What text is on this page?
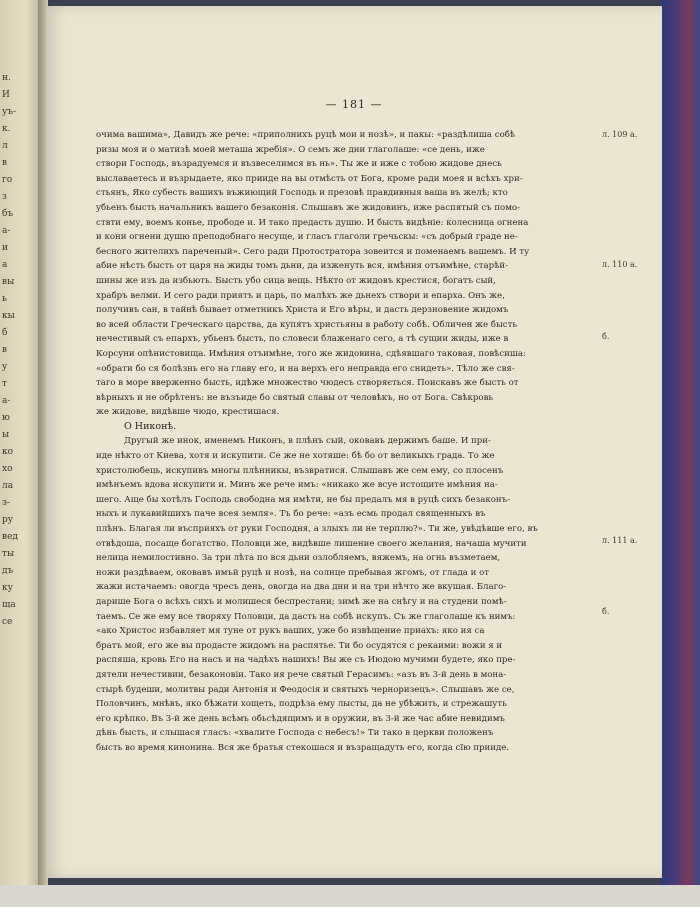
н.
И
уъ-
к.
л
в
го
з
бъ
а-
и
а
вы
ь
кы
б
в
у
т
а-
ю
ы
ко
хо
ла
з-
ру
вед
ты
дъ
ку
ща
се
— 181 —
очима вашима», Давидъ же рече: «приполнихъ руцѣ мои и нозѣ», и пакы: «раздѣлиша собѣ
ризы моя и о матизѣ моей меташа жребія». О семъ же дни глаголаше: «се день, иже
створи Господь, възрадуемся и възвеселимся въ нь». Ты же и иже с тобою жидове днесь
выславаетесь и възрыдаете, яко прииде на вы отмѣсть от Бога, кроме ради моея и всѣхъ хри-
стьянъ, Яко субесть вашихъ въжиющий Господь и презовѣ правдивныя ваша въ желѣ; кто
убьенъ бысть начальникъ вашего безаконія. Слышавъ же жидовинъ, иже распятый съ помо-
ствти ему, воемъ конье, прободе и. И тако предасть душю. И бысть видѣніе: колесница огнена
и кони огнени душю преподобнаго несуще, и гласъ глаголи гречьскы: «съ добрый граде не-
бесного жителихъ пареченый». Сего ради Протостратора зовеится и поменаемъ вашемъ. И ту
абие нѣсть бысть от царя на жиды томъ дьни, да изженуть вся, имѣния отъимѣне, старѣй-
шины же изъ да избьють. Бысть убо сица вещь. Нѣкто от жидовъ крестися, богатъ сый,
храбръ велми. И сего ради приятъ и царь, по малѣхъ же дьнехъ створи и епарха. Онъ же,
получивъ сан, в тайнѣ бывает отметникъ Христа и Его вѣры, и дасть дерзновение жидомъ
во всей области Греческаго царства, да купятъ христьяны в работу собѣ. Обличен же бысть
нечестивый съ епархъ, убьенъ бысть, по словеси блаженаго сего, а тѣ сущии жиды, иже в
Корсуни опѣнистовища. Имѣния отъимѣне, того же жидовина, сдѣявшаго таковая, повѣсиша:
«обрати бо ся болѣзнь его на главу его, и на верхъ его неправда его снидеть». Тѣло же свя-
таго в море вверженно бысть, идѣже множество чюдесъ створяється. Поискавъ же бысть от
вѣрныхъ и не обрѣтенъ: не възъиде бо святый славы от человѣкъ, но от Бога. Свѣкровь
же жидове, видѣвше чюдо, крестишася.
О Никонѣ.
Другый же инок, именемъ Никонъ, в плѣнъ сый, оковавъ держимъ баше. И при-
иде нѣкто от Киева, хотя и искупити. Се же не хотяше: бѣ бо от великыхъ града. То же
христолюбець, искупивъ многы плѣнникы, възвратися. Слышавъ же сем ему, со плосенъ
имѣнъемъ вдова искупити и. Минъ же рече имъ: «никако же всуе истощите имѣния на-
шего. Аще бы хотѣлъ Господь свободна мя имѣти, не бы предалъ мя в руцѣ сихъ безаконъ-
ныхъ и лукавийшихъ паче всея земля». Тъ бо рече: «азъ есмь продал священныхъ въ
плѣнъ. Благая ли въсприяхъ от руки Господня, а злыхъ ли не терплю?». Ти же, увѣдѣвше его, въ
отвѣдоша, посаще богатство. Половци же, видѣвше лишение своего желания, начаша мучити
нелица немилостивно. За три лѣта по вся дьни озлобляемъ, вяжемъ, на огнь възметаем,
ножи раздѣваем, оковавъ имъй руцѣ и нозѣ, на солнце пребывая жгомъ, от глада и от
жажи истачаемъ: овогда чресъ день, овогда на два дни и на три нѣчто же вкушая. Благо-
дарише Бога о всѣхъ сихъ и молишеся беспрестани; зимѣ же на снѣгу и на студени помѣ-
таемъ. Се же ему все творяху Половци, да дасть на собѣ искупъ. Съ же глаголаше къ нимъ:
«ако Христос избавляет мя туне от рукъ ваших, уже бо извѣщение приахъ: яко ия са
братъ мой, его же вы продасте жидомъ на распятье. Ти бо осудятся с рекаими: вожи я и
распяша, кровь Его на насъ и на чадѣхъ нашихъ! Вы же съ Июдою мучими будете, яко пре-
дятели нечестивии, безаконовіи. Тако ия рече святый Герасимъ: «азъ въ 3-й день в мона-
стырѣ будеши, молитвы ради Антонія и Феодосія и святыхъ черноризецъ». Слышавъ же се,
Половчинъ, мнѣвъ, яко бѣжати хощеть, подрѣза ему лысты, да не убѣжить, и стрежашуть
его крѣпко. Въ 3-й же день всѣмъ обьсѣдящимъ и в оружии, въ 3-й же час абие невидимъ
дѣнь бысть, и слышася гласъ: «хвалите Господа с небесъ!» Ти тако в церкви положенъ
бысть во время кинонина. Вся же братья стекошася и възращадуть его, когда сїю прииде.
л. 109 а.
л. 110 а.
б.
л. 111 а.
б.
